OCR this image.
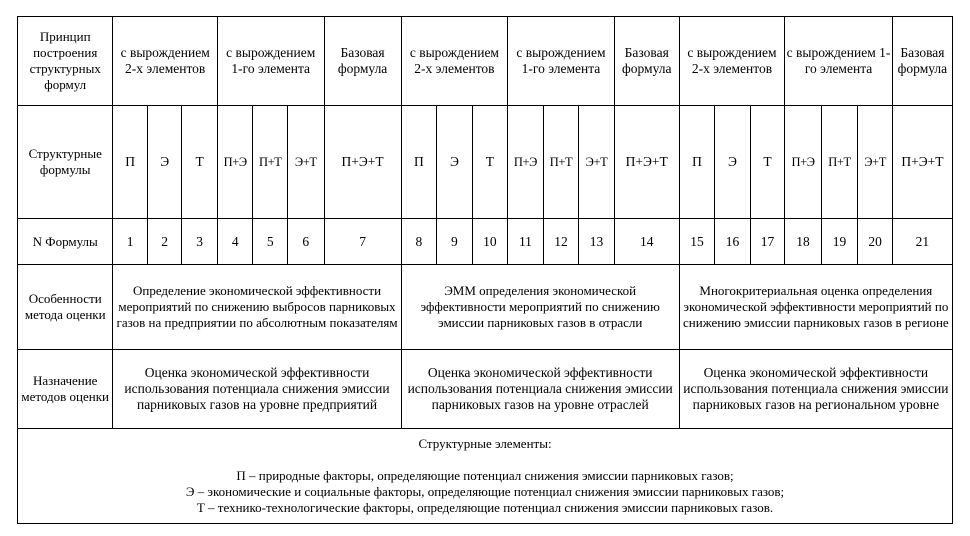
Принцип построения структурных формул	с вырождением 2-х элементов			с вырождением 1-го элемента			Базовая формула	с вырождением 2-х элементов			с вырождением 1-го элемента			Базовая формула	с вырождением 2-х элементов			с вырождением 1-го элемента			Базовая формула
Структурные формулы	П	Э	Т	П+Э	П+Т	Э+Т	П+Э+Т	П	Э	Т	П+Э	П+Т	Э+Т	П+Э+Т	П	Э	Т	П+Э	П+Т	Э+Т	П+Э+Т
N Формулы	1	2	3	4	5	6	7	8	9	10	11	12	13	14	15	16	17	18	19	20	21
Особенности метода оценки	Определение экономической эффективности мероприятий по снижению выбросов парниковых газов на предприятии по абсолютным показателям							ЭММ определения экономической эффективности мероприятий по снижению эмиссии парниковых газов в отрасли							Многокритериальная оценка определения экономической эффективности мероприятий по снижению эмиссии парниковых газов в регионе						
Назначение методов оценки	Оценка экономической эффективности использования потенциала снижения эмиссии парниковых газов на уровне предприятий							Оценка экономической эффективности использования потенциала снижения эмиссии парниковых газов на уровне отраслей							Оценка экономической эффективности использования потенциала снижения эмиссии парниковых газов на региональном уровне						

Структурные элементы:
П – природные факторы, определяющие потенциал снижения эмиссии парниковых газов;
Э – экономические и социальные факторы, определяющие потенциал снижения эмиссии парниковых газов;
Т – технико-технологические факторы, определяющие потенциал снижения эмиссии парниковых газов.																					
